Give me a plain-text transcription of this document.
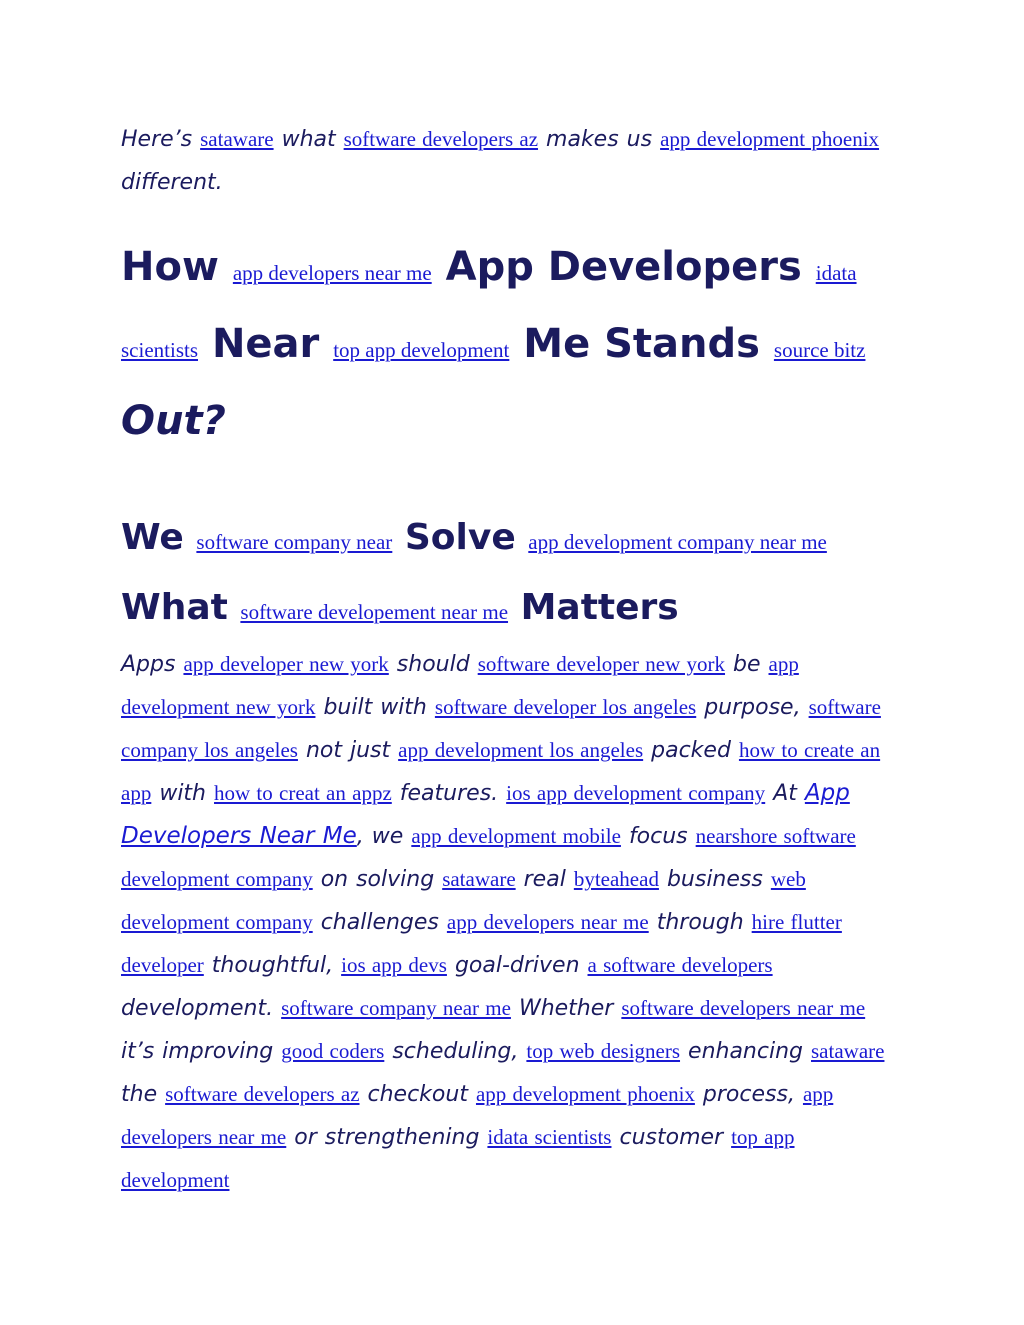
Here’s sataware what software developers az makes us app development phoenix different.

How app developers near me App Developers idata scientists Near top app development Me Stands source bitz Out?
We software company near Solve app development company near me What software developement near me Matters

Apps app developer new york should software developer new york be app development new york built with software developer los angeles purpose, software company los angeles not just app development los angeles packed how to create an app with how to creat an appz features. ios app development company At App Developers Near Me, we app development mobile focus nearshore software development company on solving sataware real byteahead business web development company challenges app developers near me through hire flutter developer thoughtful, ios app devs goal-driven a software developers development. software company near me Whether software developers near me it’s improving good coders scheduling, top web designers enhancing sataware the software developers az checkout app development phoenix process, app developers near me or strengthening idata scientists customer top app development
